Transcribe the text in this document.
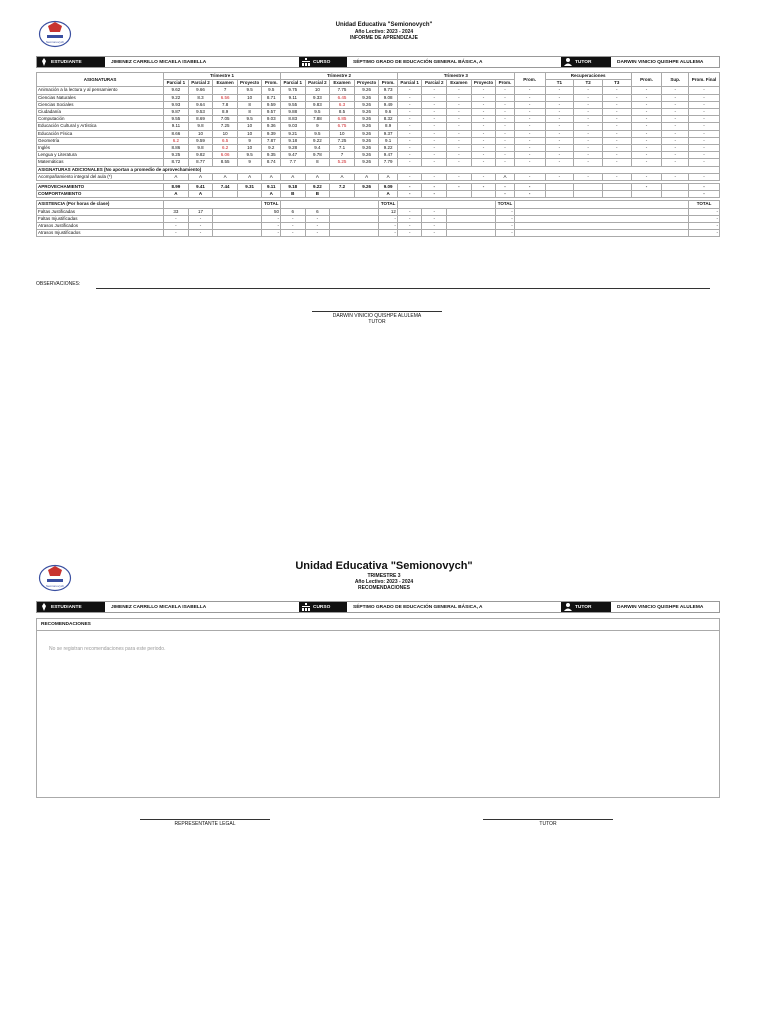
Semionovych
Unidad Educativa "Semionovych"
Año Lectivo: 2023 - 2024
INFORME DE APRENDIZAJE
ESTUDIANTE	JIMENEZ CARRILLO MICAELA ISABELLA	CURSO	SÉPTIMO GRADO DE EDUCACIÓN GENERAL BÁSICA, A	TUTOR	DARWIN VINICIO QUISHPE ALULEMA
ASIGNATURAS	Trimestre 1					Trimestre 2					Trimestre 3					Prom.	Recuperaciones			Prom.	Sup.	Prom. Final
	Parcial 1	Parcial 2	Examen	Proyecto	Prom.	Parcial 1	Parcial 2	Examen	Proyecto	Prom.	Parcial 1	Parcial 2	Examen	Proyecto	Prom.		T1	T2	T3			
Animación a la lectura y al pensamiento	9.62	9.66	7	9.5	9.5	9.75	10	7.75	9.26	9.73	-	-	-	-	-	-	-	-	-	-	-	-
Ciencias Naturales	9.22	8.3	6.56	10	8.71	9.11	9.33	6.45	9.26	9.08	-	-	-	-	-	-	-	-	-	-	-	-
Ciencias Sociales	9.93	9.64	7.8	8	9.59	9.55	9.83	6.3	9.26	9.49	-	-	-	-	-	-	-	-	-	-	-	-
Ciudadanía	9.87	9.53	8.9	8	9.57	9.88	9.5	8.5	9.26	9.6	-	-	-	-	-	-	-	-	-	-	-	-
Computación	9.55	8.69	7.05	9.5	9.03	8.83	7.88	6.85	9.26	8.32	-	-	-	-	-	-	-	-	-	-	-	-
Educación Cultural y Artística	9.11	9.8	7.25	10	9.36	9.03	9	6.75	9.26	8.9	-	-	-	-	-	-	-	-	-	-	-	-
Educación Física	8.66	10	10	10	9.39	9.21	9.5	10	9.26	9.37	-	-	-	-	-	-	-	-	-	-	-	-
Geometría	6.2	9.59	6.5	9	7.87	9.18	9.22	7.25	9.26	9.1	-	-	-	-	-	-	-	-	-	-	-	-
Inglés	8.86	9.8	6.2	10	9.2	9.28	9.4	7.1	9.26	9.22	-	-	-	-	-	-	-	-	-	-	-	-
Lengua y Literatura	9.25	9.82	6.06	9.5	9.35	9.47	9.78	7	9.26	9.47	-	-	-	-	-	-	-	-	-	-	-	-
Matemáticas	8.72	8.77	8.55	9	8.74	7.7	8	5.25	9.26	7.79	-	-	-	-	-	-	-	-	-	-	-	-
ASIGNATURAS ADICIONALES (No aportan a promedio de aprovechamiento)																						
Acompañamiento integral del aula (*)	A	A	A	A	A	A	A	A	A	A	-	-	-	-	A	-	-	-	-	-	-	-

APROVECHAMIENTO	8.99	9.41	7.44	9.31	9.11	9.18	9.22	7.2	9.26	9.09	-	-	-	-	-	-				-		-
COMPORTAMIENTO	A	A			A	B	B			A	-	-			-	-						-

ASISTENCIA (Por horas de clase)					TOTAL					TOTAL					TOTAL							TOTAL
Faltas Justificadas	33	17			50	6	6			12	-	-			-							-
Faltas Injustificadas	-	-			-	-	-			-	-	-			-							-
Atrasos Justificados	-	-			-	-	-			-	-	-			-							-
Atrasos Injustificados	-	-			-	-	-			-	-	-			-							-
OBSERVACIONES:
DARWIN VINICIO QUISHPE ALULEMA
TUTOR
Semionovych
Unidad Educativa "Semionovych"
TRIMESTRE 3
Año Lectivo: 2023 - 2024
RECOMENDACIONES
ESTUDIANTE	JIMENEZ CARRILLO MICAELA ISABELLA	CURSO	SÉPTIMO GRADO DE EDUCACIÓN GENERAL BÁSICA, A	TUTOR	DARWIN VINICIO QUISHPE ALULEMA
RECOMENDACIONES
No se registran recomendaciones para este periodo.
REPRESENTANTE LEGAL	TUTOR
